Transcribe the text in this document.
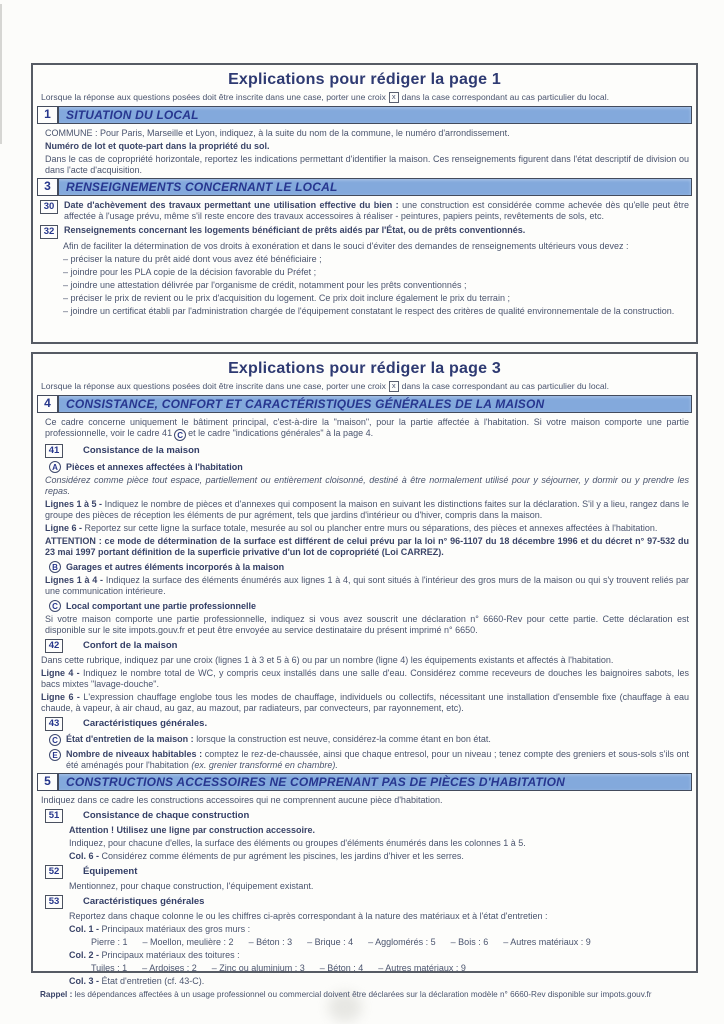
Explications pour rédiger la page 1
Lorsque la réponse aux questions posées doit être inscrite dans une case, porter une croix x dans la case correspondant au cas particulier du local.
1	SITUATION DU LOCAL

COMMUNE : Pour Paris, Marseille et Lyon, indiquez, à la suite du nom de la commune, le numéro d'arrondissement.

Numéro de lot et quote-part dans la propriété du sol.

Dans le cas de copropriété horizontale, reportez les indications permettant d'identifier la maison. Ces renseignements figurent dans l'état descriptif de division ou dans l'acte d'acquisition.

3	RENSEIGNEMENTS CONCERNANT LE LOCAL
30	Date d'achèvement des travaux permettant une utilisation effective du bien : une construction est considérée comme achevée dès qu'elle peut être affectée à l'usage prévu, même s'il reste encore des travaux accessoires à réaliser - peintures, papiers peints, revêtements de sols, etc.
32	Renseignements concernant les logements bénéficiant de prêts aidés par l'État, ou de prêts conventionnés.

Afin de faciliter la détermination de vos droits à exonération et dans le souci d'éviter des demandes de renseignements ultérieurs vous devez :

– préciser la nature du prêt aidé dont vous avez été bénéficiaire ;

– joindre pour les PLA copie de la décision favorable du Préfet ;

– joindre une attestation délivrée par l'organisme de crédit, notamment pour les prêts conventionnés ;

– préciser le prix de revient ou le prix d'acquisition du logement. Ce prix doit inclure également le prix du terrain ;

– joindre un certificat établi par l'administration chargée de l'équipement constatant le respect des critères de qualité environnementale de la construction.

Explications pour rédiger la page 3
Lorsque la réponse aux questions posées doit être inscrite dans une case, porter une croix x dans la case correspondant au cas particulier du local.
4	CONSISTANCE, CONFORT ET CARACTÉRISTIQUES GÉNÉRALES DE LA MAISON

Ce cadre concerne uniquement le bâtiment principal, c'est-à-dire la "maison", pour la partie affectée à l'habitation. Si votre maison comporte une partie professionnelle, voir le cadre 41 C et le cadre "indications générales" à la page 4.

41	Consistance de la maison
A Pièces et annexes affectées à l'habitation

Considérez comme pièce tout espace, partiellement ou entièrement cloisonné, destiné à être normalement utilisé pour y séjourner, y dormir ou y prendre les repas.

Lignes 1 à 5 - Indiquez le nombre de pièces et d'annexes qui composent la maison en suivant les distinctions faites sur la déclaration. S'il y a lieu, rangez dans le groupe des pièces de réception les éléments de pur agrément, tels que jardins d'intérieur ou d'hiver, compris dans la maison.

Ligne 6 - Reportez sur cette ligne la surface totale, mesurée au sol ou plancher entre murs ou séparations, des pièces et annexes affectées à l'habitation.

ATTENTION : ce mode de détermination de la surface est différent de celui prévu par la loi n° 96-1107 du 18 décembre 1996 et du décret n° 97-532 du 23 mai 1997 portant définition de la superficie privative d'un lot de copropriété (Loi CARREZ).

B Garages et autres éléments incorporés à la maison

Lignes 1 à 4 - Indiquez la surface des éléments énumérés aux lignes 1 à 4, qui sont situés à l'intérieur des gros murs de la maison ou qui s'y trouvent reliés par une communication intérieure.

C Local comportant une partie professionnelle

Si votre maison comporte une partie professionnelle, indiquez si vous avez souscrit une déclaration n° 6660-Rev pour cette partie. Cette déclaration est disponible sur le site impots.gouv.fr et peut être envoyée au service destinataire du présent imprimé n° 6650.

42	Confort de la maison

Dans cette rubrique, indiquez par une croix (lignes 1 à 3 et 5 à 6) ou par un nombre (ligne 4) les équipements existants et affectés à l'habitation.

Ligne 4 - Indiquez le nombre total de WC, y compris ceux installés dans une salle d'eau. Considérez comme receveurs de douches les baignoires sabots, les bacs mixtes "lavage-douche".

Ligne 6 - L'expression chauffage englobe tous les modes de chauffage, individuels ou collectifs, nécessitant une installation d'ensemble fixe (chauffage à eau chaude, à vapeur, à air chaud, au gaz, au mazout, par radiateurs, par convecteurs, par rayonnement, etc).

43	Caractéristiques générales.
C État d'entretien de la maison : lorsque la construction est neuve, considérez-la comme étant en bon état.
E Nombre de niveaux habitables : comptez le rez-de-chaussée, ainsi que chaque entresol, pour un niveau ; tenez compte des greniers et sous-sols s'ils ont été aménagés pour l'habitation (ex. grenier transformé en chambre).
5	CONSTRUCTIONS ACCESSOIRES NE COMPRENANT PAS DE PIÈCES D'HABITATION

Indiquez dans ce cadre les constructions accessoires qui ne comprennent aucune pièce d'habitation.

51	Consistance de chaque construction

Attention ! Utilisez une ligne par construction accessoire.

Indiquez, pour chacune d'elles, la surface des éléments ou groupes d'éléments énumérés dans les colonnes 1 à 5.

Col. 6 - Considérez comme éléments de pur agrément les piscines, les jardins d'hiver et les serres.

52	Équipement

Mentionnez, pour chaque construction, l'équipement existant.

53	Caractéristiques générales

Reportez dans chaque colonne le ou les chiffres ci-après correspondant à la nature des matériaux et à l'état d'entretien :

Col. 1 - Principaux matériaux des gros murs :

Pierre : 1      – Moellon, meulière : 2      – Béton : 3      – Brique : 4      – Agglomérés : 5      – Bois : 6      – Autres matériaux : 9

Col. 2 - Principaux matériaux des toitures :

Tuiles : 1      – Ardoises : 2      – Zinc ou aluminium : 3      – Béton : 4      – Autres matériaux : 9

Col. 3 - État d'entretien (cf. 43-C).

Rappel : les dépendances affectées à un usage professionnel ou commercial doivent être déclarées sur la déclaration modèle n° 6660-Rev disponible sur impots.gouv.fr
